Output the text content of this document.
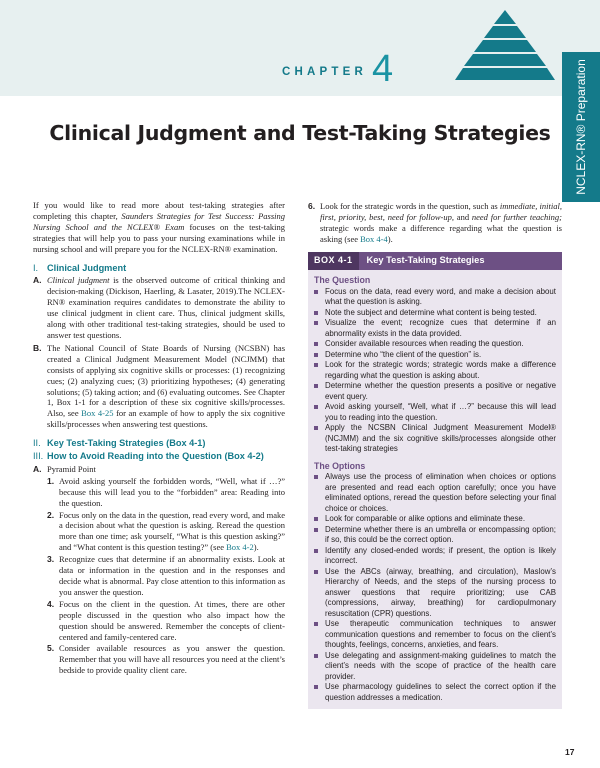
CHAPTER 4	NCLEX-RN® Preparation
Clinical Judgment and Test-Taking Strategies

If you would like to read more about test-taking strategies after completing this chapter, Saunders Strategies for Test Success: Passing Nursing School and the NCLEX® Exam focuses on the test-taking strategies that will help you to pass your nursing examinations while in nursing school and will prepare you for the NCLEX-RN® examination.

I. Clinical Judgment
A. Clinical judgment is the observed outcome of critical thinking and decision-making (Dickison, Haerling, & Lasater, 2019).The NCLEX-RN® examination requires candidates to demonstrate the ability to use clinical judgment in client care. Thus, clinical judgment skills, along with other traditional test-taking strategies, should be used to answer test questions.
B. The National Council of State Boards of Nursing (NCSBN) has created a Clinical Judgment Measurement Model (NCJMM) that consists of applying six cognitive skills or processes: (1) recognizing cues; (2) analyzing cues; (3) prioritizing hypotheses; (4) generating solutions; (5) taking action; and (6) evaluating outcomes. See Chapter 1, Box 1-1 for a description of these six cognitive skills/processes. Also, see Box 4-25 for an example of how to apply the six cognitive skills/processes when answering test questions.
II. Key Test-Taking Strategies (Box 4-1)
III. How to Avoid Reading into the Question (Box 4-2)
A. Pyramid Point
1. Avoid asking yourself the forbidden words, “Well, what if …?” because this will lead you to the “forbidden” area: Reading into the question.
2. Focus only on the data in the question, read every word, and make a decision about what the question is asking. Reread the question more than one time; ask yourself, “What is this question asking?” and “What content is this question testing?” (see Box 4-2).
3. Recognize cues that determine if an abnormality exists. Look at data or information in the question and in the responses and decide what is abnormal. Pay close attention to this information as you answer the question.
4. Focus on the client in the question. At times, there are other people discussed in the question who also impact how the question should be answered. Remember the concepts of client-centered and family-centered care.
5. Consider available resources as you answer the question. Remember that you will have all resources you need at the client’s bedside to provide quality client care.
6. Look for the strategic words in the question, such as immediate, initial, first, priority, best, need for follow-up, and need for further teaching; strategic words make a difference regarding what the question is asking (see Box 4-4).
BOX 4-1	Key Test-Taking Strategies
The Question
Focus on the data, read every word, and make a decision about what the question is asking.
Note the subject and determine what content is being tested.
Visualize the event; recognize cues that determine if an abnormality exists in the data provided.
Consider available resources when reading the question.
Determine who “the client of the question” is.
Look for the strategic words; strategic words make a difference regarding what the question is asking about.
Determine whether the question presents a positive or negative event query.
Avoid asking yourself, “Well, what if …?” because this will lead you to reading into the question.
Apply the NCSBN Clinical Judgment Measurement Model® (NCJMM) and the six cognitive skills/processes alongside other test-taking strategies
The Options
Always use the process of elimination when choices or options are presented and read each option carefully; once you have eliminated options, reread the question before selecting your final choice or choices.
Look for comparable or alike options and eliminate these.
Determine whether there is an umbrella or encompassing option; if so, this could be the correct option.
Identify any closed-ended words; if present, the option is likely incorrect.
Use the ABCs (airway, breathing, and circulation), Maslow’s Hierarchy of Needs, and the steps of the nursing process to answer questions that require prioritizing; use CAB (compressions, airway, breathing) for cardiopulmonary resuscitation (CPR) questions.
Use therapeutic communication techniques to answer communication questions and remember to focus on the client’s thoughts, feelings, concerns, anxieties, and fears.
Use delegating and assignment-making guidelines to match the client’s needs with the scope of practice of the health care provider.
Use pharmacology guidelines to select the correct option if the question addresses a medication.
17
